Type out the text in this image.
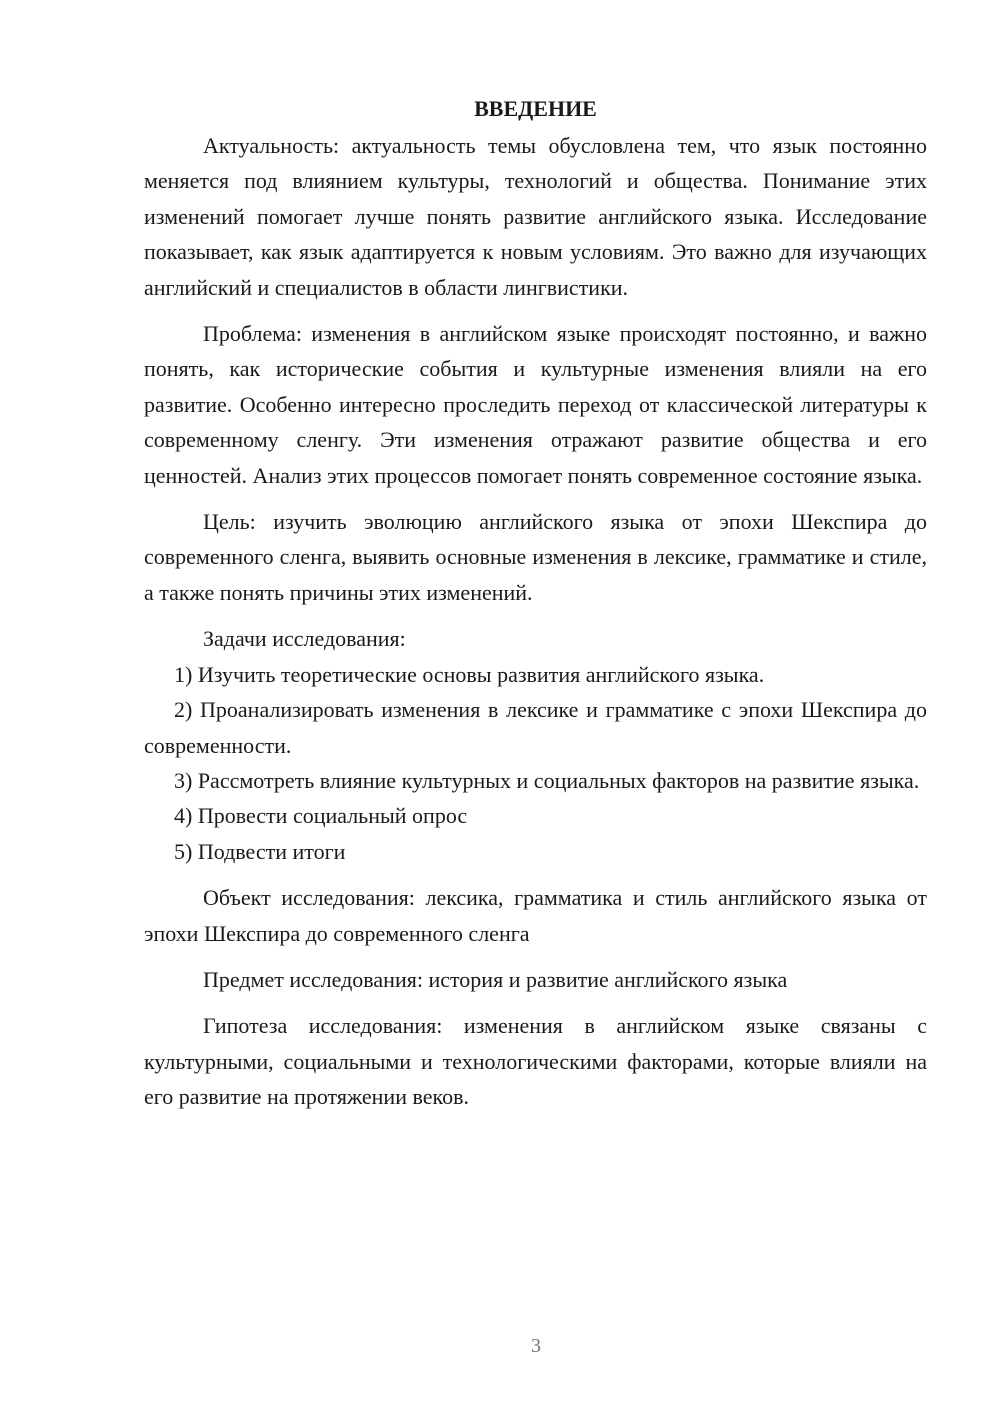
ВВЕДЕНИЕ

Актуальность: актуальность темы обусловлена тем, что язык постоянно меняется под влиянием культуры, технологий и общества. Понимание этих изменений помогает лучше понять развитие английского языка. Исследование показывает, как язык адаптируется к новым условиям. Это важно для изучающих английский и специалистов в области лингвистики.

Проблема: изменения в английском языке происходят постоянно, и важно понять, как исторические события и культурные изменения влияли на его развитие. Особенно интересно проследить переход от классической литературы к современному сленгу. Эти изменения отражают развитие общества и его ценностей. Анализ этих процессов помогает понять современное состояние языка.

Цель: изучить эволюцию английского языка от эпохи Шекспира до современного сленга, выявить основные изменения в лексике, грамматике и стиле, а также понять причины этих изменений.

Задачи исследования:

1) Изучить теоретические основы развития английского языка.

2) Проанализировать изменения в лексике и грамматике с эпохи Шекспира до современности.

3) Рассмотреть влияние культурных и социальных факторов на развитие языка.

4) Провести социальный опрос

5) Подвести итоги

Объект исследования: лексика, грамматика и стиль английского языка от эпохи Шекспира до современного сленга

Предмет исследования: история и развитие английского языка

Гипотеза исследования: изменения в английском языке связаны с культурными, социальными и технологическими факторами, которые влияли на его развитие на протяжении веков.

3
